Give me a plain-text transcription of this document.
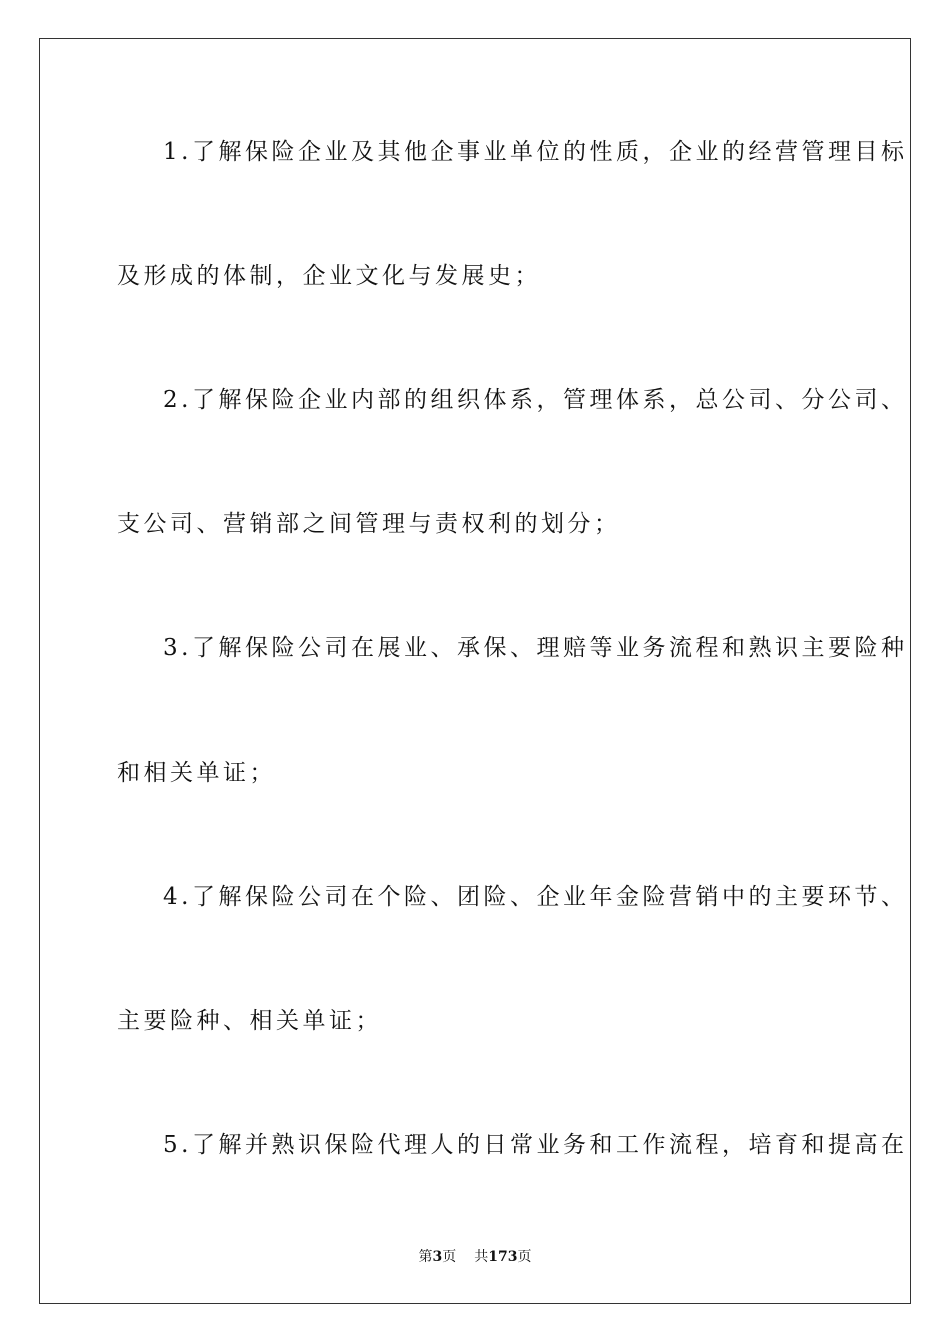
1.了解保险企业及其他企事业单位的性质，企业的经营管理目标
及形成的体制，企业文化与发展史；
2.了解保险企业内部的组织体系，管理体系，总公司、分公司、
支公司、营销部之间管理与责权利的划分；
3.了解保险公司在展业、承保、理赔等业务流程和熟识主要险种
和相关单证；
4.了解保险公司在个险、团险、企业年金险营销中的主要环节、
主要险种、相关单证；
5.了解并熟识保险代理人的日常业务和工作流程，培育和提高在
第3页 共173页
